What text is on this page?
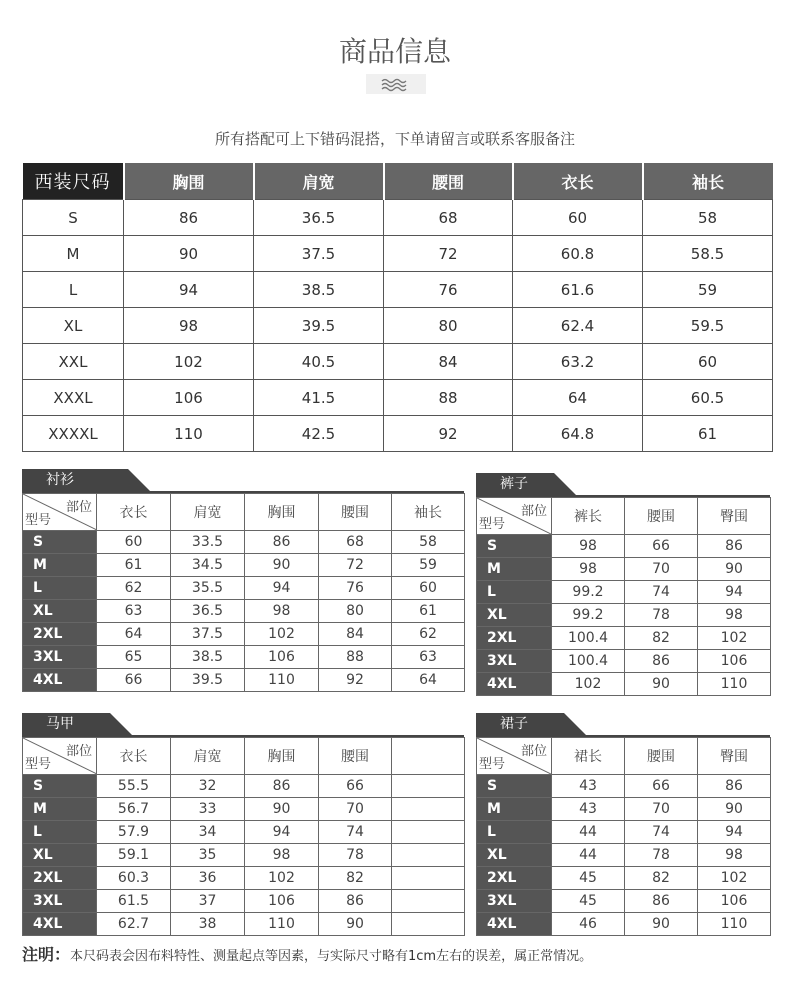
商品信息
所有搭配可上下错码混搭，下单请留言或联系客服备注
西装尺码	胸围	肩宽	腰围	衣长	袖长
S	86	36.5	68	60	58
M	90	37.5	72	60.8	58.5
L	94	38.5	76	61.6	59
XL	98	39.5	80	62.4	59.5
XXL	102	40.5	84	63.2	60
XXXL	106	41.5	88	64	60.5
XXXXL	110	42.5	92	64.8	61
衬衫
部位
型号	衣长	肩宽	胸围	腰围	袖长
S	60	33.5	86	68	58
M	61	34.5	90	72	59
L	62	35.5	94	76	60
XL	63	36.5	98	80	61
2XL	64	37.5	102	84	62
3XL	65	38.5	106	88	63
4XL	66	39.5	110	92	64
裤子
部位
型号	裤长	腰围	臀围
S	98	66	86
M	98	70	90
L	99.2	74	94
XL	99.2	78	98
2XL	100.4	82	102
3XL	100.4	86	106
4XL	102	90	110
马甲
部位
型号	衣长	肩宽	胸围	腰围	
S	55.5	32	86	66	
M	56.7	33	90	70	
L	57.9	34	94	74	
XL	59.1	35	98	78	
2XL	60.3	36	102	82	
3XL	61.5	37	106	86	
4XL	62.7	38	110	90	
裙子
部位
型号	裙长	腰围	臀围
S	43	66	86
M	43	70	90
L	44	74	94
XL	44	78	98
2XL	45	82	102
3XL	45	86	106
4XL	46	90	110
注明：本尺码表会因布料特性、测量起点等因素，与实际尺寸略有1cm左右的误差，属正常情况。
